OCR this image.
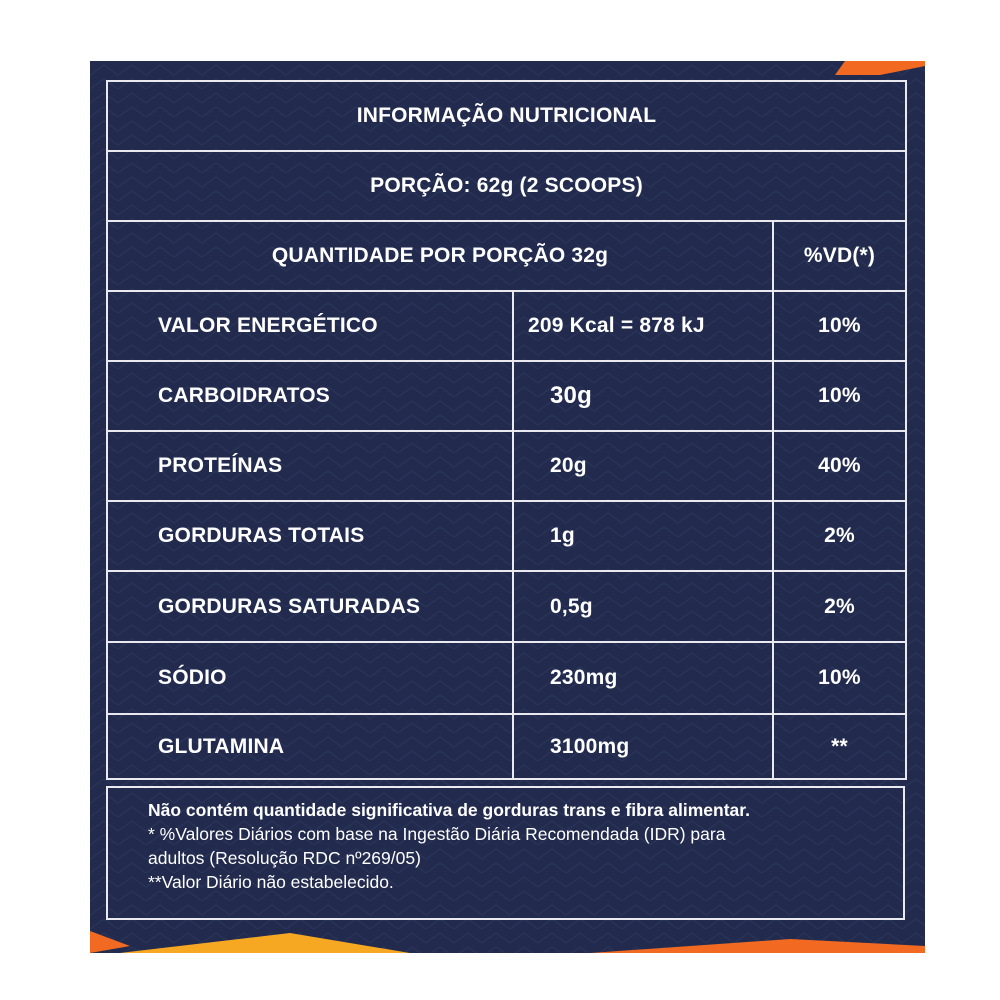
INFORMAÇÃO NUTRICIONAL
PORÇÃO: 62g (2 SCOOPS)
QUANTIDADE POR PORÇÃO 32g	%VD(*)
VALOR ENERGÉTICO	209 Kcal = 878 kJ	10%
CARBOIDRATOS	30g	10%
PROTEÍNAS	20g	40%
GORDURAS TOTAIS	1g	2%
GORDURAS SATURADAS	0,5g	2%
SÓDIO	230mg	10%
GLUTAMINA	3100mg	**
Não contém quantidade significativa de gorduras trans e fibra alimentar.
* %Valores Diários com base na Ingestão Diária Recomendada (IDR) para
adultos (Resolução RDC nº269/05)
**Valor Diário não estabelecido.
